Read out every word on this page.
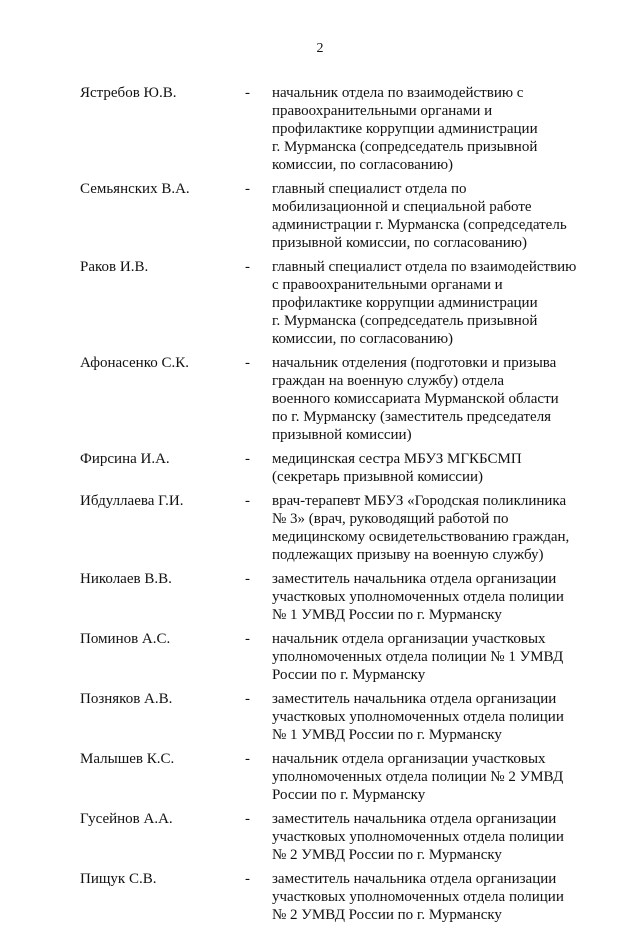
2
Ястребов Ю.В.	- начальник отдела по взаимодействию с
правоохранительными органами и
профилактике коррупции администрации
г. Мурманска (сопредседатель призывной
комиссии, по согласованию)
Семьянских В.А.	- главный специалист отдела по
мобилизационной и специальной работе
администрации г. Мурманска (сопредседатель
призывной комиссии, по согласованию)
Раков И.В.	- главный специалист отдела по взаимодействию
с правоохранительными органами и
профилактике коррупции администрации
г. Мурманска (сопредседатель призывной
комиссии, по согласованию)
Афонасенко С.К.	- начальник отделения (подготовки и призыва
граждан на военную службу) отдела
военного комиссариата Мурманской области
по г. Мурманску (заместитель председателя
призывной комиссии)
Фирсина И.А.	- медицинская сестра МБУЗ МГКБСМП
(секретарь призывной комиссии)
Ибдуллаева Г.И.	- врач-терапевт МБУЗ «Городская поликлиника
№ 3» (врач, руководящий работой по
медицинскому освидетельствованию граждан,
подлежащих призыву на военную службу)
Николаев В.В.	- заместитель начальника отдела организации
участковых уполномоченных отдела полиции
№ 1 УМВД России по г. Мурманску
Поминов А.С.	- начальник отдела организации участковых
уполномоченных отдела полиции № 1 УМВД
России по г. Мурманску
Позняков А.В.	- заместитель начальника отдела организации
участковых уполномоченных отдела полиции
№ 1 УМВД России по г. Мурманску
Малышев К.С.	- начальник отдела организации участковых
уполномоченных отдела полиции № 2 УМВД
России по г. Мурманску
Гусейнов А.А.	- заместитель начальника отдела организации
участковых уполномоченных отдела полиции
№ 2 УМВД России по г. Мурманску
Пищук С.В.	- заместитель начальника отдела организации
участковых уполномоченных отдела полиции
№ 2 УМВД России по г. Мурманску
